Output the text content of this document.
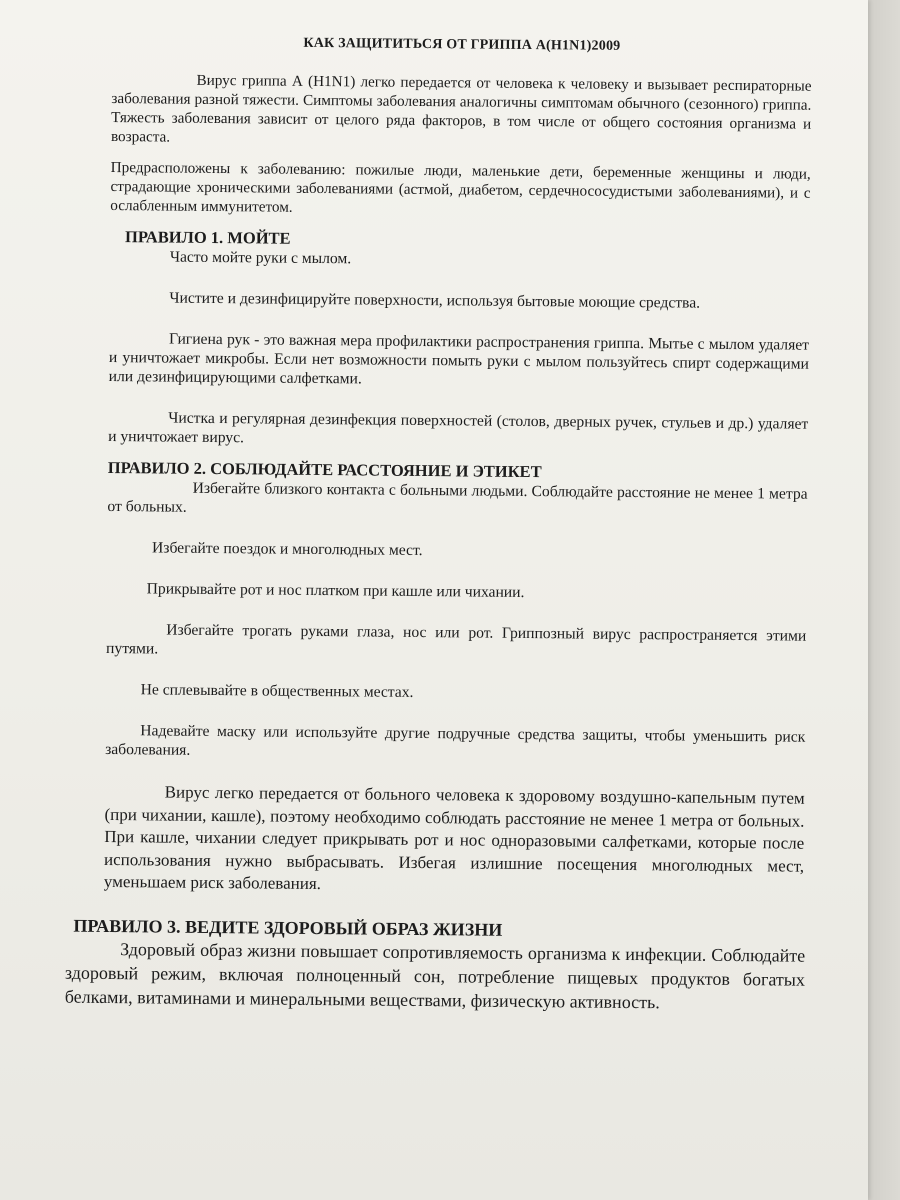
КАК ЗАЩИТИТЬСЯ ОТ ГРИППА А(H1N1)2009

Вирус гриппа А (H1N1) легко передается от человека к человеку и вызывает респираторные заболевания разной тяжести. Симптомы заболевания аналогичны симптомам обычного (сезонного) гриппа. Тяжесть заболевания зависит от целого ряда факторов, в том числе от общего состояния организма и возраста.

Предрасположены к заболеванию: пожилые люди, маленькие дети, беременные женщины и люди, страдающие хроническими заболеваниями (астмой, диабетом, сердечнососудистыми заболеваниями), и с ослабленным иммунитетом.

ПРАВИЛО 1. МОЙТЕ

Часто мойте руки с мылом.

Чистите и дезинфицируйте поверхности, используя бытовые моющие средства.

Гигиена рук - это важная мера профилактики распространения гриппа. Мытье с мылом удаляет и уничтожает микробы. Если нет возможности помыть руки с мылом пользуйтесь спирт содержащими или дезинфицирующими салфетками.

Чистка и регулярная дезинфекция поверхностей (столов, дверных ручек, стульев и др.) удаляет и уничтожает вирус.

ПРАВИЛО 2. СОБЛЮДАЙТЕ РАССТОЯНИЕ И ЭТИКЕТ

Избегайте близкого контакта с больными людьми. Соблюдайте расстояние не менее 1 метра от больных.

Избегайте поездок и многолюдных мест.

Прикрывайте рот и нос платком при кашле или чихании.

Избегайте трогать руками глаза, нос или рот. Гриппозный вирус распространяется этими путями.

Не сплевывайте в общественных местах.

Надевайте маску или используйте другие подручные средства защиты, чтобы уменьшить риск заболевания.

Вирус легко передается от больного человека к здоровому воздушно-капельным путем (при чихании, кашле), поэтому необходимо соблюдать расстояние не менее 1 метра от больных. При кашле, чихании следует прикрывать рот и нос одноразовыми салфетками, которые после использования нужно выбрасывать. Избегая излишние посещения многолюдных мест, уменьшаем риск заболевания.

ПРАВИЛО 3. ВЕДИТЕ ЗДОРОВЫЙ ОБРАЗ ЖИЗНИ

Здоровый образ жизни повышает сопротивляемость организма к инфекции. Соблюдайте здоровый режим, включая полноценный сон, потребление пищевых продуктов богатых белками, витаминами и минеральными веществами, физическую активность.
